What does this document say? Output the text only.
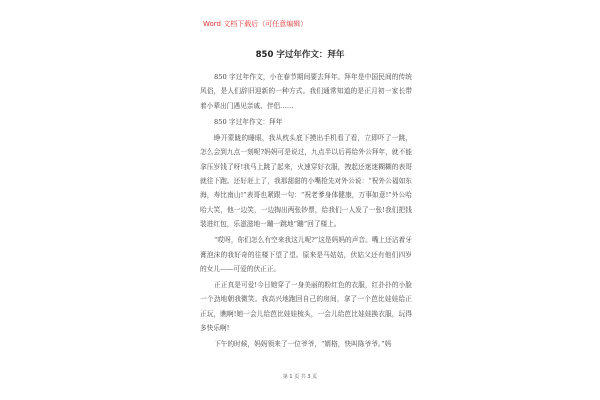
Word 文档下载后（可任意编辑）
850 字过年作文：拜年

850 字过年作文，小在春节期间要去拜年。拜年是中国民间的传统风俗，是人们辞旧迎新的一种方式。我们通常知道的是正月初一家长带着小辈出门遇见亲戚、伴侣……

850 字过年作文：拜年

睁开蒙眬的睡眼，我从枕头底下摸出手机看了看，立即吓了一跳，怎么会到九点一刻呢?妈妈可是说过，九点半以后再给外公拜年，就不能拿压岁钱了呀!我马上跳了起来，火速穿好衣服，拽起还迷迷糊糊的表哥就往下跑。还好赶上了，我那甜甜的小嘴抢先对外公说：“祝外公福如东海，寿比南山!”表哥也紧跟一句：“祝老爹身体健康，万事如意!”外公哈哈大笑，他一边笑，一边掏出两张钞票，给我们一人发了一张!我们把钱装进红包，乐滋滋地一蹦一跳地“蹦”回了楼上。

“哎呀，你们怎么有空来我这儿呢?”这是妈妈的声音。嘴上还沾着牙膏泡沫的我好奇的往楼下望了望。原来是马姑姑，伏姑父还有他们四岁的女儿——可爱的伏正正。

正正真是可爱!今日她穿了一身美丽的粉红色的衣服，红扑扑的小脸一个劲地朝我微笑。我高兴地跑回自己的房间，拿了一个芭比娃娃给正正玩，瞧啊!她一会儿给芭比娃娃梳头，一会儿给芭比娃娃换衣服，玩得多快乐啊!

下午的时候，妈妈领来了一位爷爷，“婿格，快叫陈爷爷。”妈

第 1 页 共 3 页
